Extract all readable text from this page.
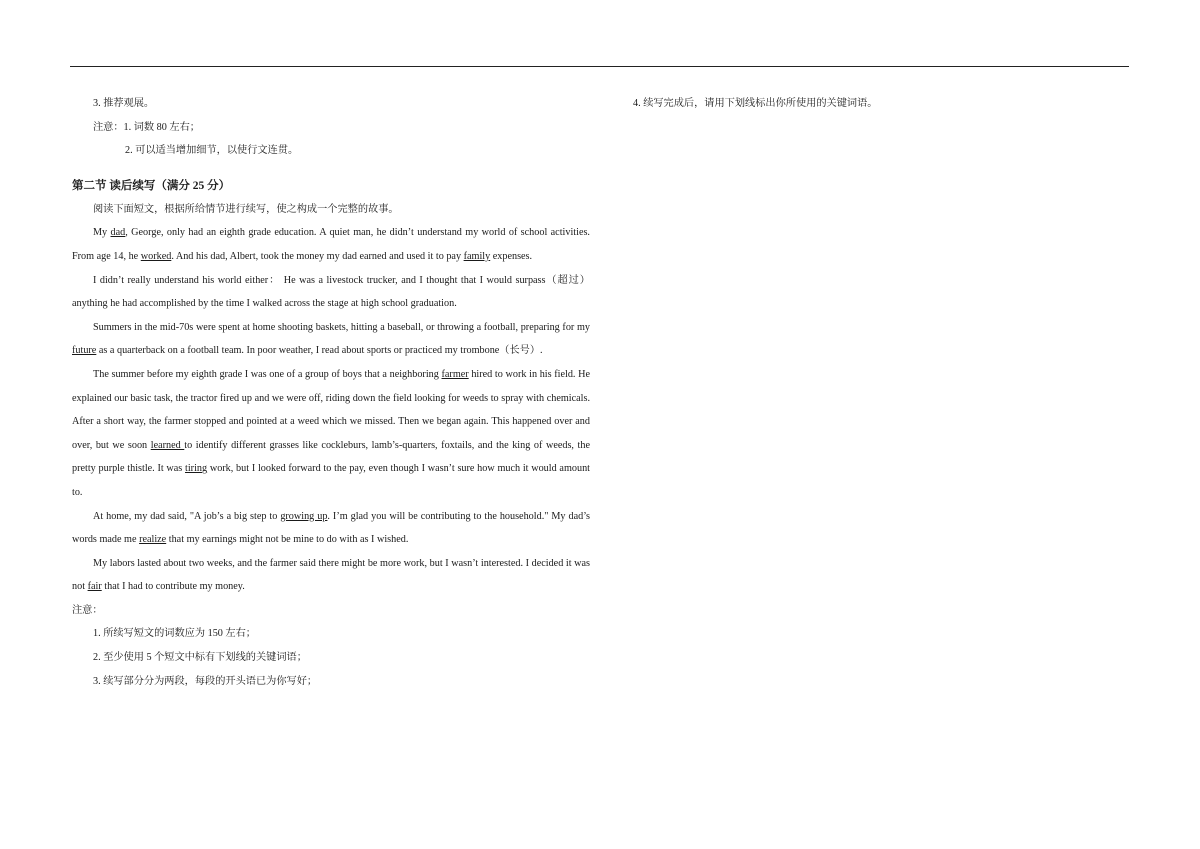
3. 推荐观展。
注意：1. 词数 80 左右；
2. 可以适当增加细节，以使行文连贯。
第二节 读后续写（满分 25 分）
阅读下面短文，根据所给情节进行续写，使之构成一个完整的故事。
My dad, George, only had an eighth grade education. A quiet man, he didn’t understand my world of school activities. From age 14, he worked. And his dad, Albert, took the money my dad earned and used it to pay family expenses.
I didn’t really understand his world either： He was a livestock trucker, and I thought that I would surpass（超过）anything he had accomplished by the time I walked across the stage at high school graduation.
Summers in the mid-70s were spent at home shooting baskets, hitting a baseball, or throwing a football, preparing for my future as a quarterback on a football team. In poor weather, I read about sports or practiced my trombone（长号）.
The summer before my eighth grade I was one of a group of boys that a neighboring farmer hired to work in his field. He explained our basic task, the tractor fired up and we were off, riding down the field looking for weeds to spray with chemicals. After a short way, the farmer stopped and pointed at a weed which we missed. Then we began again. This happened over and over, but we soon learned to identify different grasses like cockleburs, lamb’s-quarters, foxtails, and the king of weeds, the pretty purple thistle. It was tiring work, but I looked forward to the pay, even though I wasn’t sure how much it would amount to.
At home, my dad said, "A job’s a big step to growing up. I’m glad you will be contributing to the household." My dad’s words made me realize that my earnings might not be mine to do with as I wished.
My labors lasted about two weeks, and the farmer said there might be more work, but I wasn’t interested. I decided it was not fair that I had to contribute my money.
注意：
1. 所续写短文的词数应为 150 左右；
2. 至少使用 5 个短文中标有下划线的关键词语；
3. 续写部分分为两段，每段的开头语已为你写好；
4. 续写完成后，请用下划线标出你所使用的关键词语。
